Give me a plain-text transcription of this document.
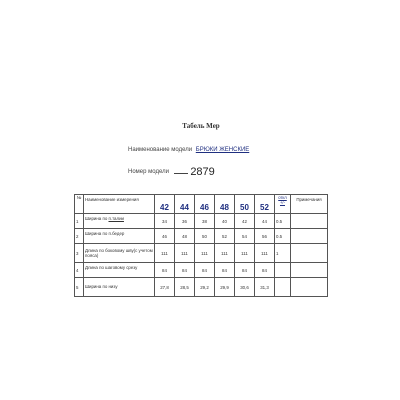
Табель Мер
Наименование модели БРЮКИ ЖЕНСКИЕ
Номер модели 2879
№	Наименование измерения	42	44	46	48	50	52	откл +/-	Примечания
1	Ширина по п.талии	34	36	38	40	42	44	0.5	
2	Ширина по п.бедер	46	48	50	52	54	56	0.5	
3	Длина по боковому шву(с учетом пояса)	111	111	111	111	111	111	1	
4	Длина по шаговому срезу	84	84	84	84	84	84		
5	Ширина по низу	27,8	28,5	29,2	29,9	30,6	31,3		
